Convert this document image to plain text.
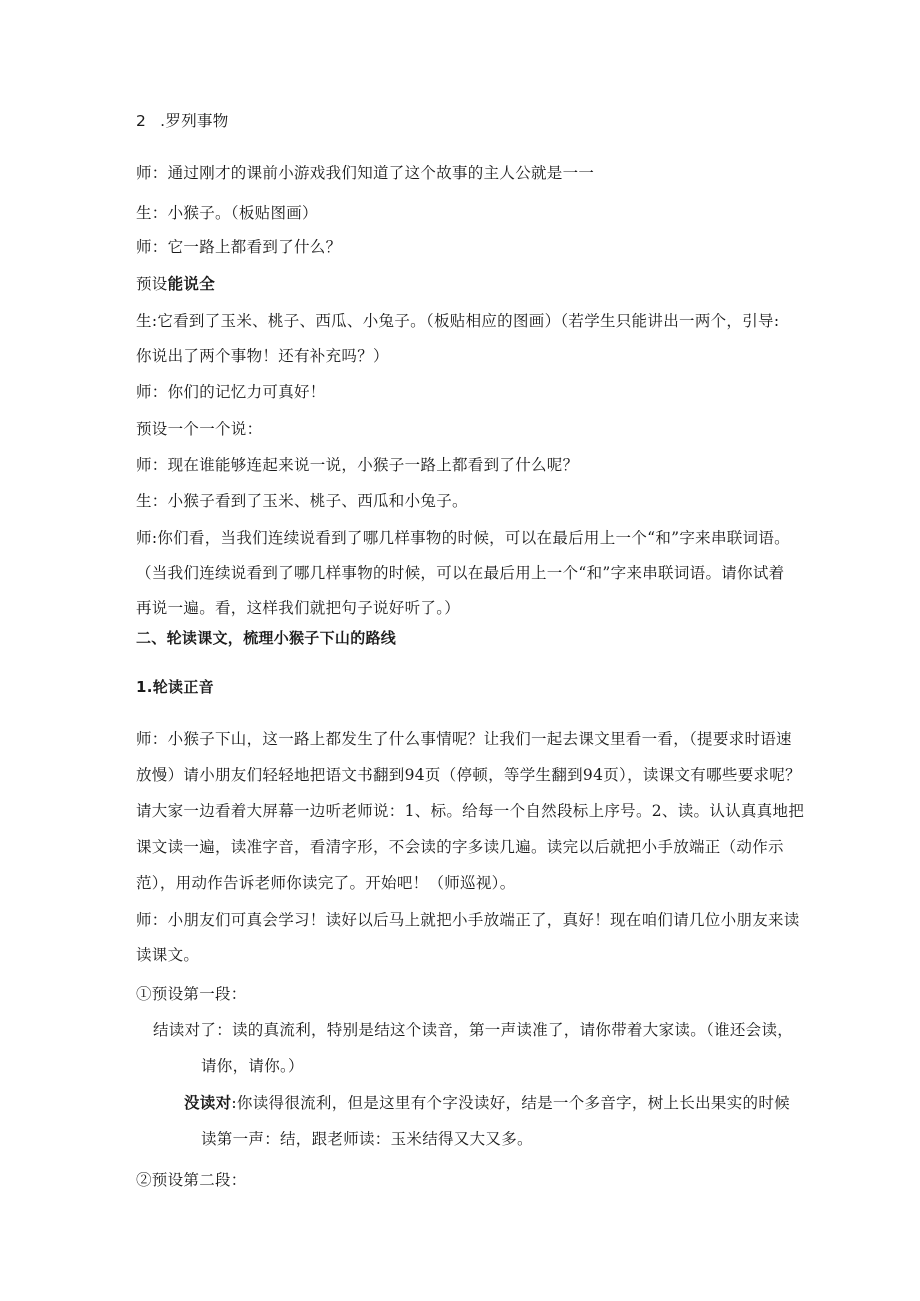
2 .罗列事物
师：通过刚才的课前小游戏我们知道了这个故事的主人公就是一一
生：小猴子。（板贴图画）
师：它一路上都看到了什么？
预设能说全
生:它看到了玉米、桃子、西瓜、小兔子。（板贴相应的图画）（若学生只能讲出一两个，引导:
你说出了两个事物！还有补充吗？）
师：你们的记忆力可真好！
预设一个一个说：
师：现在谁能够连起来说一说，小猴子一路上都看到了什么呢？
生：小猴子看到了玉米、桃子、西瓜和小兔子。
师:你们看，当我们连续说看到了哪几样事物的时候，可以在最后用上一个“和”字来串联词语。
（当我们连续说看到了哪几样事物的时候，可以在最后用上一个“和”字来串联词语。请你试着
再说一遍。看，这样我们就把句子说好听了。）
二、轮读课文，梳理小猴子下山的路线
1.轮读正音
师：小猴子下山，这一路上都发生了什么事情呢？让我们一起去课文里看一看，（提要求时语速
放慢）请小朋友们轻轻地把语文书翻到94页（停顿，等学生翻到94页），读课文有哪些要求呢？
请大家一边看着大屏幕一边听老师说：1、标。给每一个自然段标上序号。2、读。认认真真地把
课文读一遍，读准字音，看清字形，不会读的字多读几遍。读完以后就把小手放端正（动作示
范），用动作告诉老师你读完了。开始吧！（师巡视）。
师：小朋友们可真会学习！读好以后马上就把小手放端正了，真好！现在咱们请几位小朋友来读
读课文。
①预设第一段：
结读对了：读的真流利，特别是结这个读音，第一声读准了，请你带着大家读。（谁还会读，
请你，请你。）
没读对:你读得很流利，但是这里有个字没读好，结是一个多音字，树上长出果实的时候
读第一声：结，跟老师读：玉米结得又大又多。
②预设第二段：
